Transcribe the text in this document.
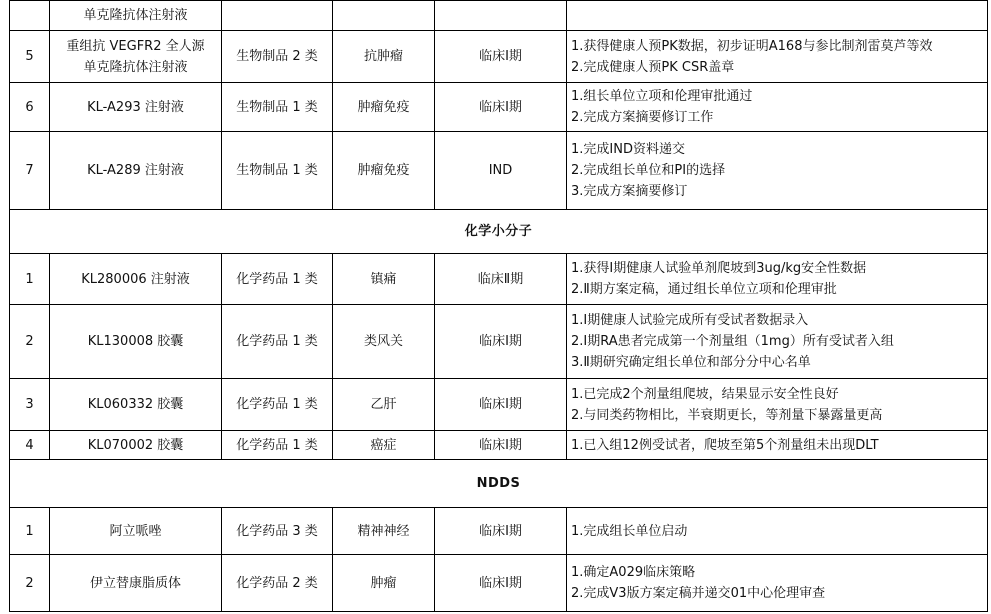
	单克隆抗体注射液				

5	重组抗 VEGFR2 全人源
单克隆抗体注射液	生物制品 2 类	抗肿瘤	临床Ⅰ期	1.获得健康人预PK数据，初步证明A168与参比制剂雷莫芦等效
2.完成健康人预PK CSR盖章

6	KL-A293 注射液	生物制品 1 类	肿瘤免疫	临床Ⅰ期	1.组长单位立项和伦理审批通过
2.完成方案摘要修订工作

7	KL-A289 注射液	生物制品 1 类	肿瘤免疫	IND	1.完成IND资料递交
2.完成组长单位和PI的选择
3.完成方案摘要修订

化学小分子					
1	KL280006 注射液	化学药品 1 类	镇痛	临床Ⅱ期	1.获得Ⅰ期健康人试验单剂爬坡到3ug/kg安全性数据
2.Ⅱ期方案定稿，通过组长单位立项和伦理审批

2	KL130008 胶囊	化学药品 1 类	类风关	临床Ⅰ期	1.Ⅰ期健康人试验完成所有受试者数据录入
2.Ⅰ期RA患者完成第一个剂量组（1mg）所有受试者入组
3.Ⅱ期研究确定组长单位和部分分中心名单

3	KL060332 胶囊	化学药品 1 类	乙肝	临床Ⅰ期	1.已完成2个剂量组爬坡，结果显示安全性良好
2.与同类药物相比，半衰期更长，等剂量下暴露量更高

4	KL070002 胶囊	化学药品 1 类	癌症	临床Ⅰ期	1.已入组12例受试者，爬坡至第5个剂量组未出现DLT

NDDS					
1	阿立哌唑	化学药品 3 类	精神神经	临床Ⅰ期	1.完成组长单位启动

2	伊立替康脂质体	化学药品 2 类	肿瘤	临床Ⅰ期	1.确定A029临床策略
2.完成V3版方案定稿并递交01中心伦理审查
